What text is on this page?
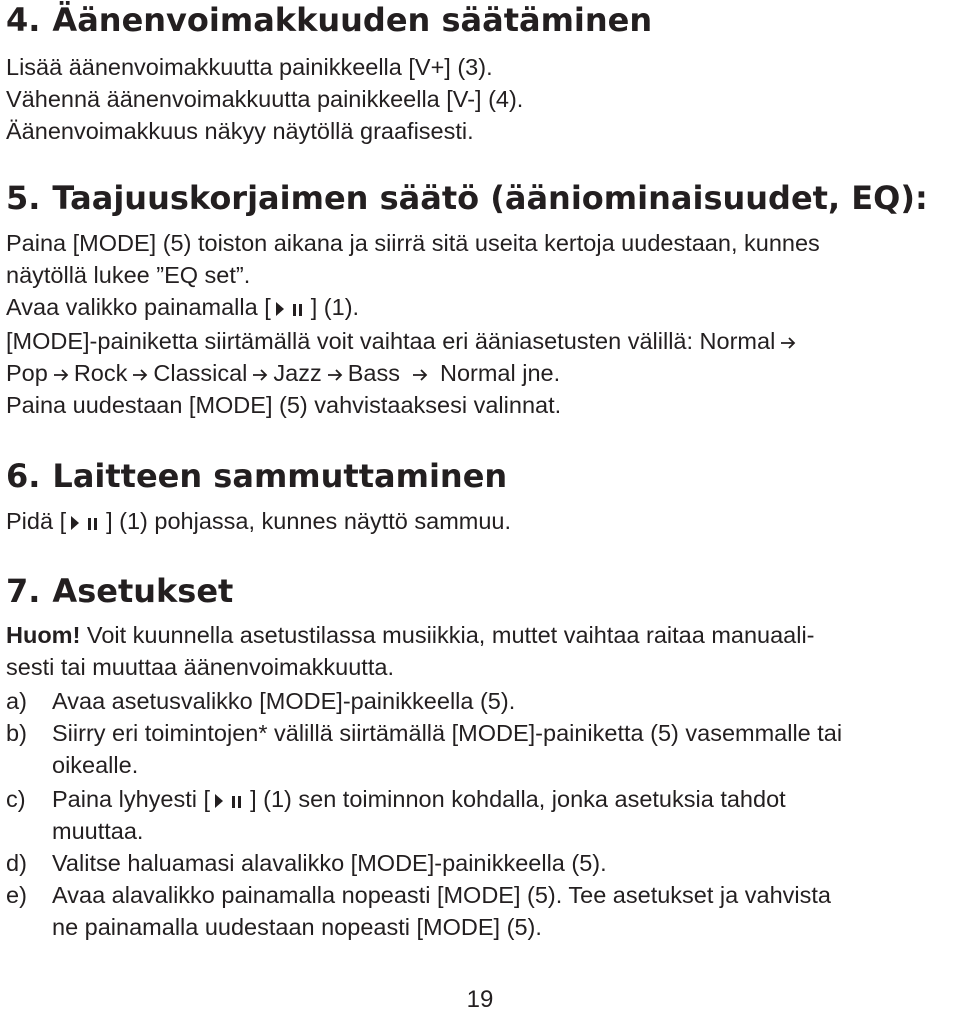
4. Äänenvoimakkuuden säätäminen

Lisää äänenvoimakkuutta painikkeella [V+] (3).

Vähennä äänenvoimakkuutta painikkeella [V-] (4).

Äänenvoimakkuus näkyy näytöllä graafisesti.

5. Taajuuskorjaimen säätö (ääniominaisuudet, EQ):

Paina [MODE] (5) toiston aikana ja siirrä sitä useita kertoja uudestaan, kunnes

näytöllä lukee ”EQ set”.

Avaa valikko painamalla [ ] (1).

[MODE]-painiketta siirtämällä voit vaihtaa eri ääniasetusten välillä: Normal

Pop Rock Classical Jazz Bass Normal jne.

Paina uudestaan [MODE] (5) vahvistaaksesi valinnat.

6. Laitteen sammuttaminen

Pidä [ ] (1) pohjassa, kunnes näyttö sammuu.

7. Asetukset

Huom! Voit kuunnella asetustilassa musiikkia, muttet vaihtaa raitaa manuaali-

sesti tai muuttaa äänenvoimakkuutta.

a) Avaa asetusvalikko [MODE]-painikkeella (5).
b) Siirry eri toimintojen* välillä siirtämällä [MODE]-painiketta (5) vasemmalle tai

oikealle.

c) Paina lyhyesti [ ] (1) sen toiminnon kohdalla, jonka asetuksia tahdot

muuttaa.

d) Valitse haluamasi alavalikko [MODE]-painikkeella (5).
e) Avaa alavalikko painamalla nopeasti [MODE] (5). Tee asetukset ja vahvista

ne painamalla uudestaan nopeasti [MODE] (5).

19
